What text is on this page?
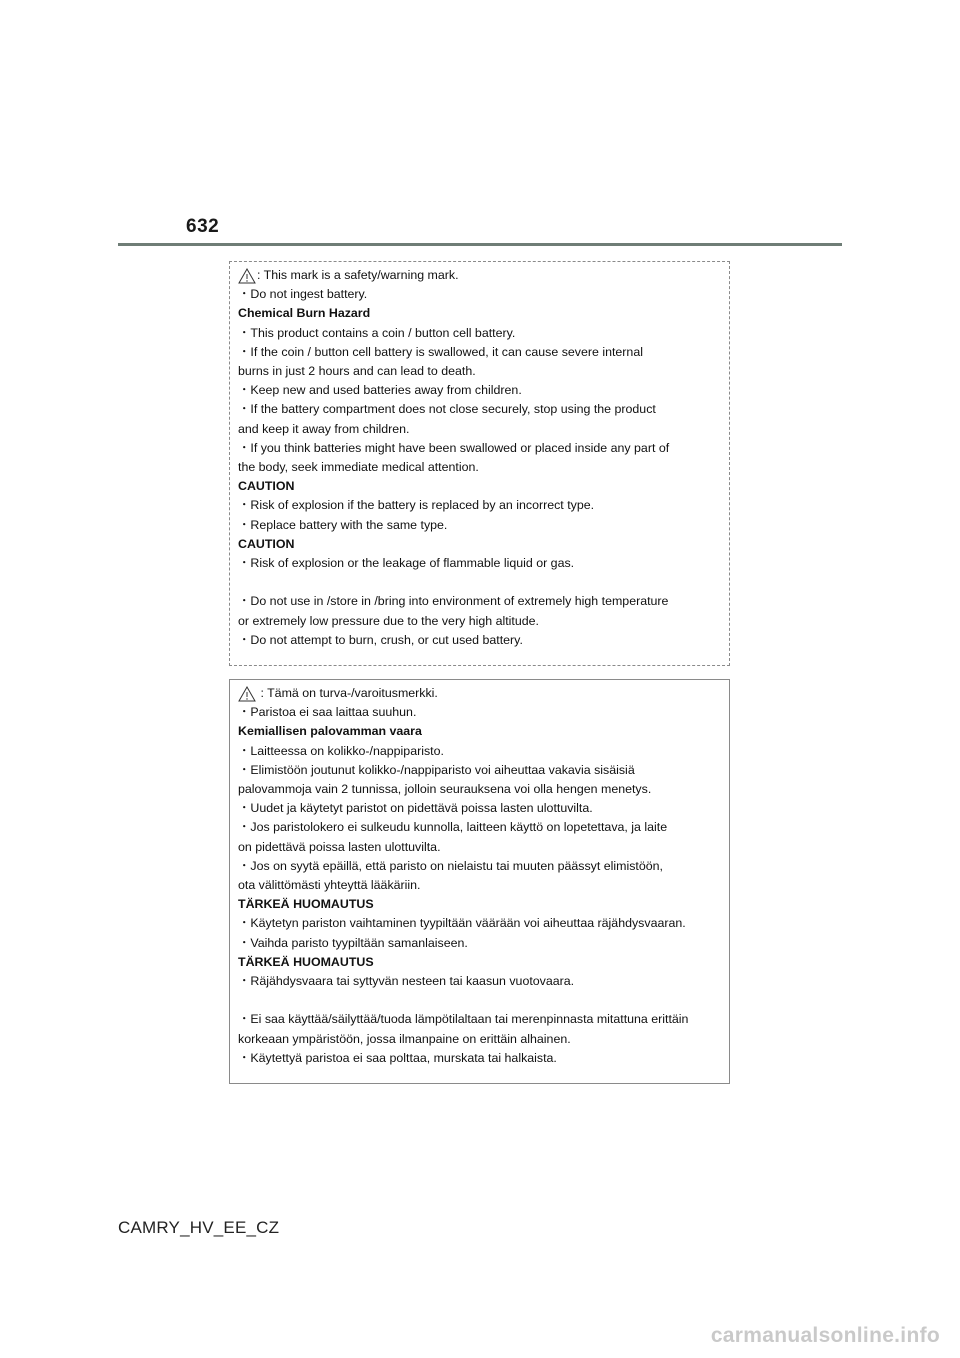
632
: This mark is a safety/warning mark.
・Do not ingest battery.
Chemical Burn Hazard
・This product contains a coin / button cell battery.
・If the coin / button cell battery is swallowed, it can cause severe internal
burns in just 2 hours and can lead to death.
・Keep new and used batteries away from children.
・If the battery compartment does not close securely, stop using the product
and keep it away from children.
・If you think batteries might have been swallowed or placed inside any part of
the body, seek immediate medical attention.
CAUTION
・Risk of explosion if the battery is replaced by an incorrect type.
・Replace battery with the same type.
CAUTION
・Risk of explosion or the leakage of flammable liquid or gas.
・Do not use in /store in /bring into environment of extremely high temperature
or extremely low pressure due to the very high altitude.
・Do not attempt to burn, crush, or cut used battery.
: Tämä on turva-/varoitusmerkki.
・Paristoa ei saa laittaa suuhun.
Kemiallisen palovamman vaara
・Laitteessa on kolikko-/nappiparisto.
・Elimistöön joutunut kolikko-/nappiparisto voi aiheuttaa vakavia sisäisiä
palovammoja vain 2 tunnissa, jolloin seurauksena voi olla hengen menetys.
・Uudet ja käytetyt paristot on pidettävä poissa lasten ulottuvilta.
・Jos paristolokero ei sulkeudu kunnolla, laitteen käyttö on lopetettava, ja laite
on pidettävä poissa lasten ulottuvilta.
・Jos on syytä epäillä, että paristo on nielaistu tai muuten päässyt elimistöön,
ota välittömästi yhteyttä lääkäriin.
TÄRKEÄ HUOMAUTUS
・Käytetyn pariston vaihtaminen tyypiltään väärään voi aiheuttaa räjähdysvaaran.
・Vaihda paristo tyypiltään samanlaiseen.
TÄRKEÄ HUOMAUTUS
・Räjähdysvaara tai syttyvän nesteen tai kaasun vuotovaara.
・Ei saa käyttää/säilyttää/tuoda lämpötilaltaan tai merenpinnasta mitattuna erittäin
korkeaan ympäristöön, jossa ilmanpaine on erittäin alhainen.
・Käytettyä paristoa ei saa polttaa, murskata tai halkaista.
CAMRY_HV_EE_CZ
carmanualsonline.info
